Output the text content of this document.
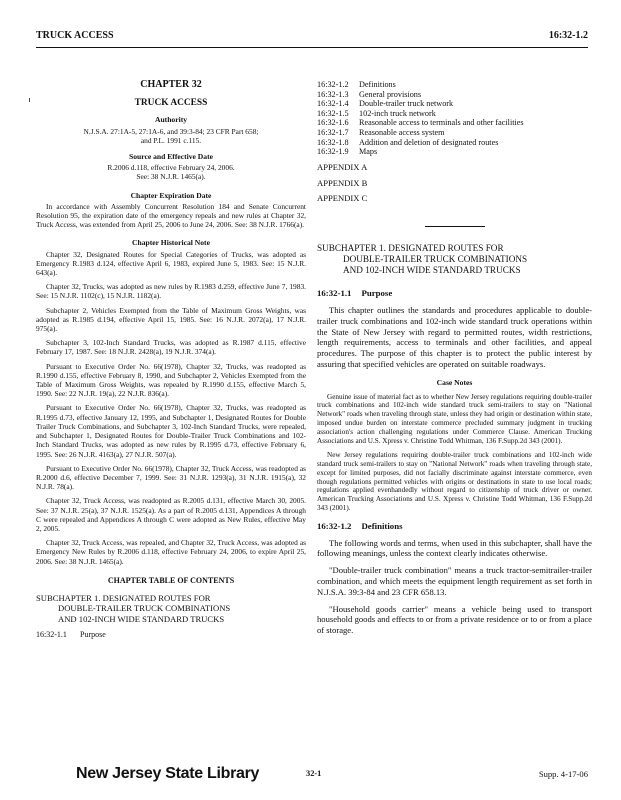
TRUCK ACCESS	16:32-1.2
CHAPTER 32
TRUCK ACCESS
Authority

N.J.S.A. 27:1A-5, 27:1A-6, and 39:3-84; 23 CFR Part 658;

and P.L. 1991 c.115.

Source and Effective Date

R.2006 d.118, effective February 24, 2006.

See: 38 N.J.R. 1465(a).

Chapter Expiration Date

In accordance with Assembly Concurrent Resolution 184 and Senate Concurrent Resolution 95, the expiration date of the emergency repeals and new rules at Chapter 32, Truck Access, was extended from April 25, 2006 to June 24, 2006. See: 38 N.J.R. 1766(a).

Chapter Historical Note

Chapter 32, Designated Routes for Special Categories of Trucks, was adopted as Emergency R.1983 d.124, effective April 6, 1983, expired June 5, 1983. See: 15 N.J.R. 643(a).

Chapter 32, Trucks, was adopted as new rules by R.1983 d.259, effective June 7, 1983. See: 15 N.J.R. 1102(c), 15 N.J.R. 1182(a).

Subchapter 2, Vehicles Exempted from the Table of Maximum Gross Weights, was adopted as R.1985 d.194, effective April 15, 1985. See: 16 N.J.R. 2072(a), 17 N.J.R. 975(a).

Subchapter 3, 102-Inch Standard Trucks, was adopted as R.1987 d.115, effective February 17, 1987. See: 18 N.J.R. 2428(a), 19 N.J.R. 374(a).

Pursuant to Executive Order No. 66(1978), Chapter 32, Trucks, was readopted as R.1990 d.155, effective February 8, 1990, and Subchapter 2, Vehicles Exempted from the Table of Maximum Gross Weights, was repealed by R.1990 d.155, effective March 5, 1990. See: 22 N.J.R. 19(a), 22 N.J.R. 836(a).

Pursuant to Executive Order No. 66(1978), Chapter 32, Trucks, was readopted as R.1995 d.73, effective January 12, 1995, and Subchapter 1, Designated Routes for Double Trailer Truck Combinations, and Subchapter 3, 102-Inch Standard Trucks, were repealed, and Subchapter 1, Designated Routes for Double-Trailer Truck Combinations and 102-Inch Standard Trucks, was adopted as new rules by R.1995 d.73, effective February 6, 1995. See: 26 N.J.R. 4163(a), 27 N.J.R. 507(a).

Pursuant to Executive Order No. 66(1978), Chapter 32, Truck Access, was readopted as R.2000 d.6, effective December 7, 1999. See: 31 N.J.R. 1293(a), 31 N.J.R. 1915(a), 32 N.J.R. 78(a).

Chapter 32, Truck Access, was readopted as R.2005 d.131, effective March 30, 2005. See: 37 N.J.R. 25(a), 37 N.J.R. 1525(a). As a part of R.2005 d.131, Appendices A through C were repealed and Appendices A through C were adopted as New Rules, effective May 2, 2005.

Chapter 32, Truck Access, was repealed, and Chapter 32, Truck Access, was adopted as Emergency New Rules by R.2006 d.118, effective February 24, 2006, to expire April 25, 2006. See: 38 N.J.R. 1465(a).

CHAPTER TABLE OF CONTENTS
SUBCHAPTER 1. DESIGNATED ROUTES FOR
DOUBLE-TRAILER TRUCK COMBINATIONS
AND 102-INCH WIDE STANDARD TRUCKS
16:32-1.1 Purpose
16:32-1.2 Definitions
16:32-1.3 General provisions
16:32-1.4 Double-trailer truck network
16:32-1.5 102-inch truck network
16:32-1.6 Reasonable access to terminals and other facilities
16:32-1.7 Reasonable access system
16:32-1.8 Addition and deletion of designated routes
16:32-1.9 Maps
APPENDIX A
APPENDIX B
APPENDIX C
SUBCHAPTER 1. DESIGNATED ROUTES FOR
DOUBLE-TRAILER TRUCK COMBINATIONS
AND 102-INCH WIDE STANDARD TRUCKS
16:32-1.1 Purpose

This chapter outlines the standards and procedures applicable to double-trailer truck combinations and 102-inch wide standard truck operations within the State of New Jersey with regard to permitted routes, width restrictions, length requirements, access to terminals and other facilities, and appeal procedures. The purpose of this chapter is to protect the public interest by assuring that specified vehicles are operated on suitable roadways.

Case Notes

Genuine issue of material fact as to whether New Jersey regulations requiring double-trailer truck combinations and 102-inch wide standard truck semi-trailers to stay on "National Network" roads when traveling through state, unless they had origin or destination within state, imposed undue burden on interstate commerce precluded summary judgment in trucking association's action challenging regulations under Commerce Clause. American Trucking Associations and U.S. Xpress v. Christine Todd Whitman, 136 F.Supp.2d 343 (2001).

New Jersey regulations requiring double-trailer truck combinations and 102-inch wide standard truck semi-trailers to stay on "National Network" roads when traveling through state, except for limited purposes, did not facially discriminate against interstate commerce, even though regulations permitted vehicles with origins or destinations in state to use local roads; regulations applied evenhandedly without regard to citizenship of truck driver or owner. American Trucking Associations and U.S. Xpress v. Christine Todd Whitman, 136 F.Supp.2d 343 (2001).

16:32-1.2 Definitions

The following words and terms, when used in this subchapter, shall have the following meanings, unless the context clearly indicates otherwise.

"Double-trailer truck combination" means a truck tractor-semitrailer-trailer combination, and which meets the equipment length requirement as set forth in N.J.S.A. 39:3-84 and 23 CFR 658.13.

"Household goods carrier" means a vehicle being used to transport household goods and effects to or from a private residence or to or from a place of storage.

New Jersey State Library	32-1	Supp. 4-17-06
